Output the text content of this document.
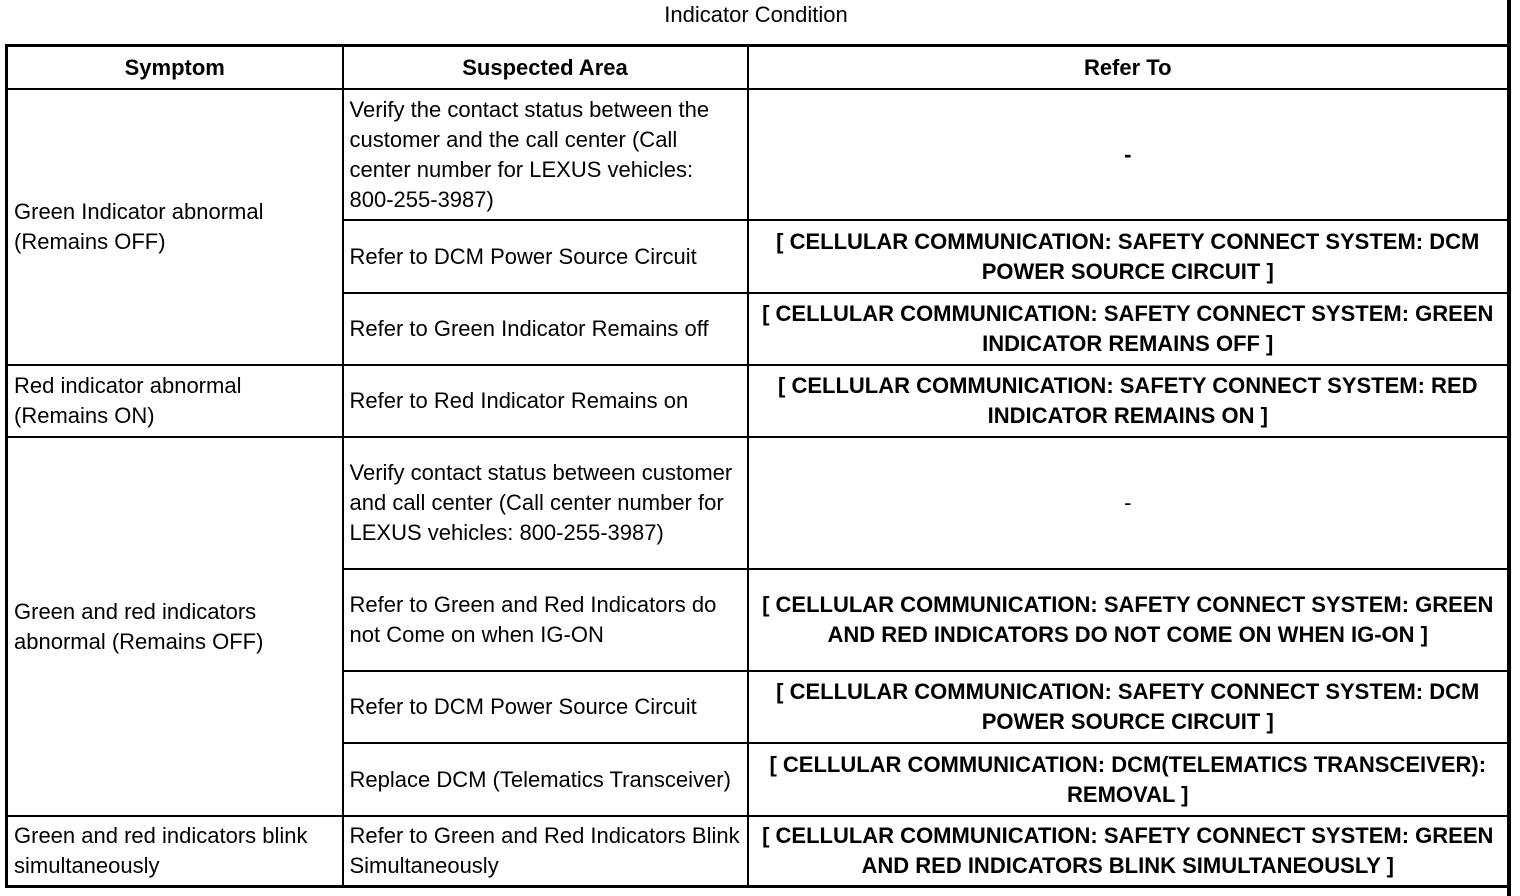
Indicator Condition
Symptom	Suspected Area	Refer To
Green Indicator abnormal (Remains OFF)	Verify the contact status between the customer and the call center (Call center number for LEXUS vehicles: 800-255-3987)	-
	Refer to DCM Power Source Circuit	[ CELLULAR COMMUNICATION: SAFETY CONNECT SYSTEM: DCM POWER SOURCE CIRCUIT ]
	Refer to Green Indicator Remains off	[ CELLULAR COMMUNICATION: SAFETY CONNECT SYSTEM: GREEN INDICATOR REMAINS OFF ]
Red indicator abnormal (Remains ON)	Refer to Red Indicator Remains on	[ CELLULAR COMMUNICATION: SAFETY CONNECT SYSTEM: RED INDICATOR REMAINS ON ]
Green and red indicators abnormal (Remains OFF)	Verify contact status between customer and call center (Call center number for LEXUS vehicles: 800-255-3987)	-
	Refer to Green and Red Indicators do not Come on when IG-ON	[ CELLULAR COMMUNICATION: SAFETY CONNECT SYSTEM: GREEN AND RED INDICATORS DO NOT COME ON WHEN IG-ON ]
	Refer to DCM Power Source Circuit	[ CELLULAR COMMUNICATION: SAFETY CONNECT SYSTEM: DCM POWER SOURCE CIRCUIT ]
	Replace DCM (Telematics Transceiver)	[ CELLULAR COMMUNICATION: DCM(TELEMATICS TRANSCEIVER): REMOVAL ]
Green and red indicators blink simultaneously	Refer to Green and Red Indicators Blink Simultaneously	[ CELLULAR COMMUNICATION: SAFETY CONNECT SYSTEM: GREEN AND RED INDICATORS BLINK SIMULTANEOUSLY ]
